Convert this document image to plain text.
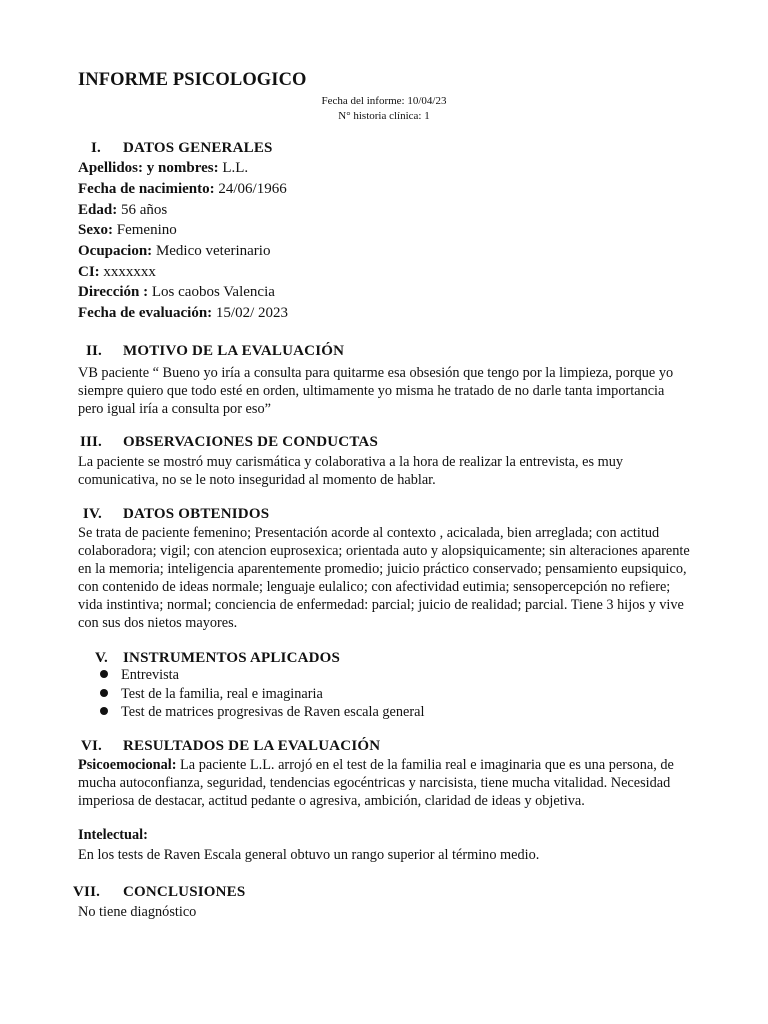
INFORME PSICOLOGICO
Fecha del informe: 10/04/23
N° historia clínica: 1
I. DATOS GENERALES
Apellidos: y nombres: L.L.
Fecha de nacimiento: 24/06/1966
Edad: 56 años
Sexo: Femenino
Ocupacion: Medico veterinario
CI: xxxxxxx
Dirección : Los caobos Valencia
Fecha de evaluación: 15/02/ 2023
II. MOTIVO DE LA EVALUACIÓN

VB paciente “ Bueno yo iría a consulta para quitarme esa obsesión que tengo por la limpieza, porque yo siempre quiero que todo esté en orden, ultimamente yo misma he tratado de no darle tanta importancia pero igual iría a consulta por eso”

III. OBSERVACIONES DE CONDUCTAS

La paciente se mostró muy carismática y colaborativa a la hora de realizar la entrevista, es muy comunicativa, no se le noto inseguridad al momento de hablar.

IV. DATOS OBTENIDOS

Se trata de paciente femenino; Presentación acorde al contexto , acicalada, bien arreglada; con actitud colaboradora; vigil; con atencion euprosexica; orientada auto y alopsiquicamente; sin alteraciones aparente en la memoria; inteligencia aparentemente promedio; juicio práctico conservado; pensamiento eupsiquico, con contenido de ideas normale; lenguaje eulalico; con afectividad eutimia; sensopercepción no refiere; vida instintiva; normal; conciencia de enfermedad: parcial; juicio de realidad; parcial. Tiene 3 hijos y vive con sus dos nietos mayores.

V. INSTRUMENTOS APLICADOS
Entrevista
Test de la familia, real e imaginaria
Test de matrices progresivas de Raven escala general
VI. RESULTADOS DE LA EVALUACIÓN

Psicoemocional: La paciente L.L. arrojó en el test de la familia real e imaginaria que es una persona, de mucha autoconfianza, seguridad, tendencias egocéntricas y narcisista, tiene mucha vitalidad. Necesidad imperiosa de destacar, actitud pedante o agresiva, ambición, claridad de ideas y objetiva.

Intelectual:

En los tests de Raven Escala general obtuvo un rango superior al término medio.

VII.	CONCLUSIONES

No tiene diagnóstico
